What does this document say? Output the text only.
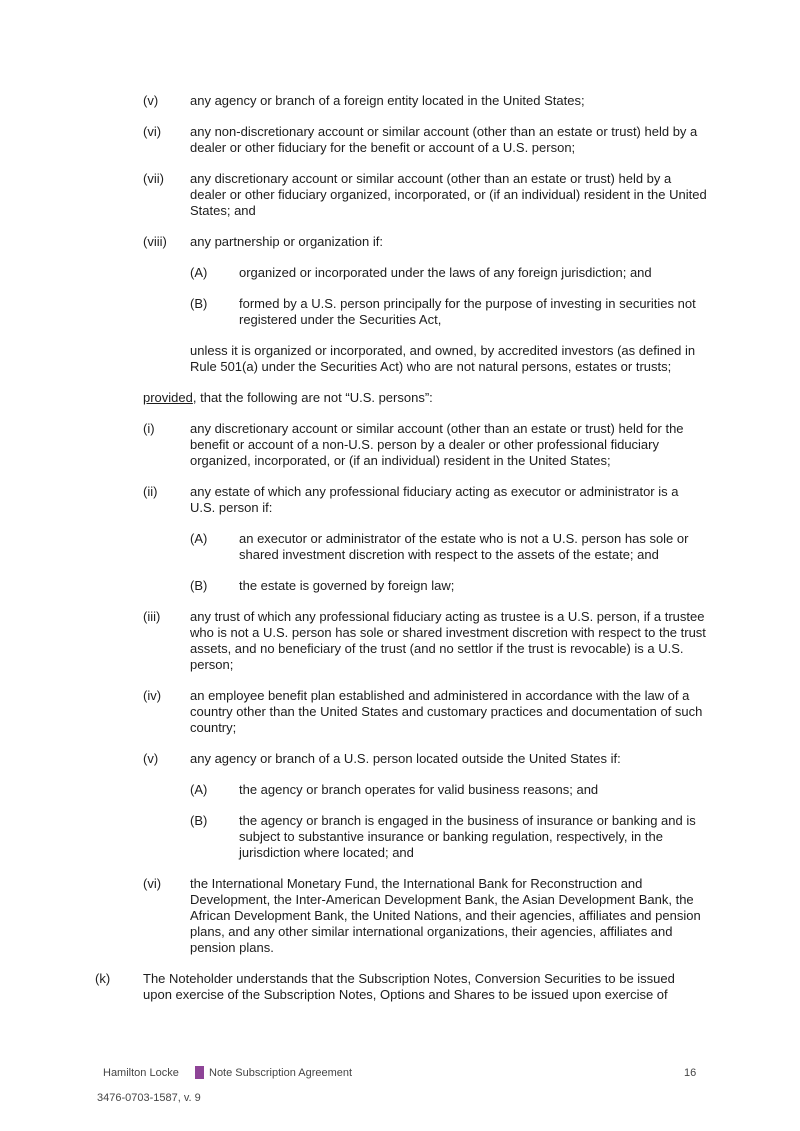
(v)	any agency or branch of a foreign entity located in the United States;
(vi)	any non-discretionary account or similar account (other than an estate or trust) held by a dealer or other fiduciary for the benefit or account of a U.S. person;
(vii)	any discretionary account or similar account (other than an estate or trust) held by a dealer or other fiduciary organized, incorporated, or (if an individual) resident in the United States; and
(viii)	any partnership or organization if:
(A)	organized or incorporated under the laws of any foreign jurisdiction; and
(B)	formed by a U.S. person principally for the purpose of investing in securities not registered under the Securities Act,
unless it is organized or incorporated, and owned, by accredited investors (as defined in Rule 501(a) under the Securities Act) who are not natural persons, estates or trusts;
provided, that the following are not “U.S. persons”:
(i)	any discretionary account or similar account (other than an estate or trust) held for the benefit or account of a non-U.S. person by a dealer or other professional fiduciary organized, incorporated, or (if an individual) resident in the United States;
(ii)	any estate of which any professional fiduciary acting as executor or administrator is a U.S. person if:
(A)	an executor or administrator of the estate who is not a U.S. person has sole or shared investment discretion with respect to the assets of the estate; and
(B)	the estate is governed by foreign law;
(iii)	any trust of which any professional fiduciary acting as trustee is a U.S. person, if a trustee who is not a U.S. person has sole or shared investment discretion with respect to the trust assets, and no beneficiary of the trust (and no settlor if the trust is revocable) is a U.S. person;
(iv)	an employee benefit plan established and administered in accordance with the law of a country other than the United States and customary practices and documentation of such country;
(v)	any agency or branch of a U.S. person located outside the United States if:
(A)	the agency or branch operates for valid business reasons; and
(B)	the agency or branch is engaged in the business of insurance or banking and is subject to substantive insurance or banking regulation, respectively, in the jurisdiction where located; and
(vi)	the International Monetary Fund, the International Bank for Reconstruction and Development, the Inter-American Development Bank, the Asian Development Bank, the African Development Bank, the United Nations, and their agencies, affiliates and pension plans, and any other similar international organizations, their agencies, affiliates and pension plans.
(k)	The Noteholder understands that the Subscription Notes, Conversion Securities to be issued upon exercise of the Subscription Notes, Options and Shares to be issued upon exercise of
Hamilton Locke	Note Subscription Agreement	16
3476-0703-1587, v. 9
